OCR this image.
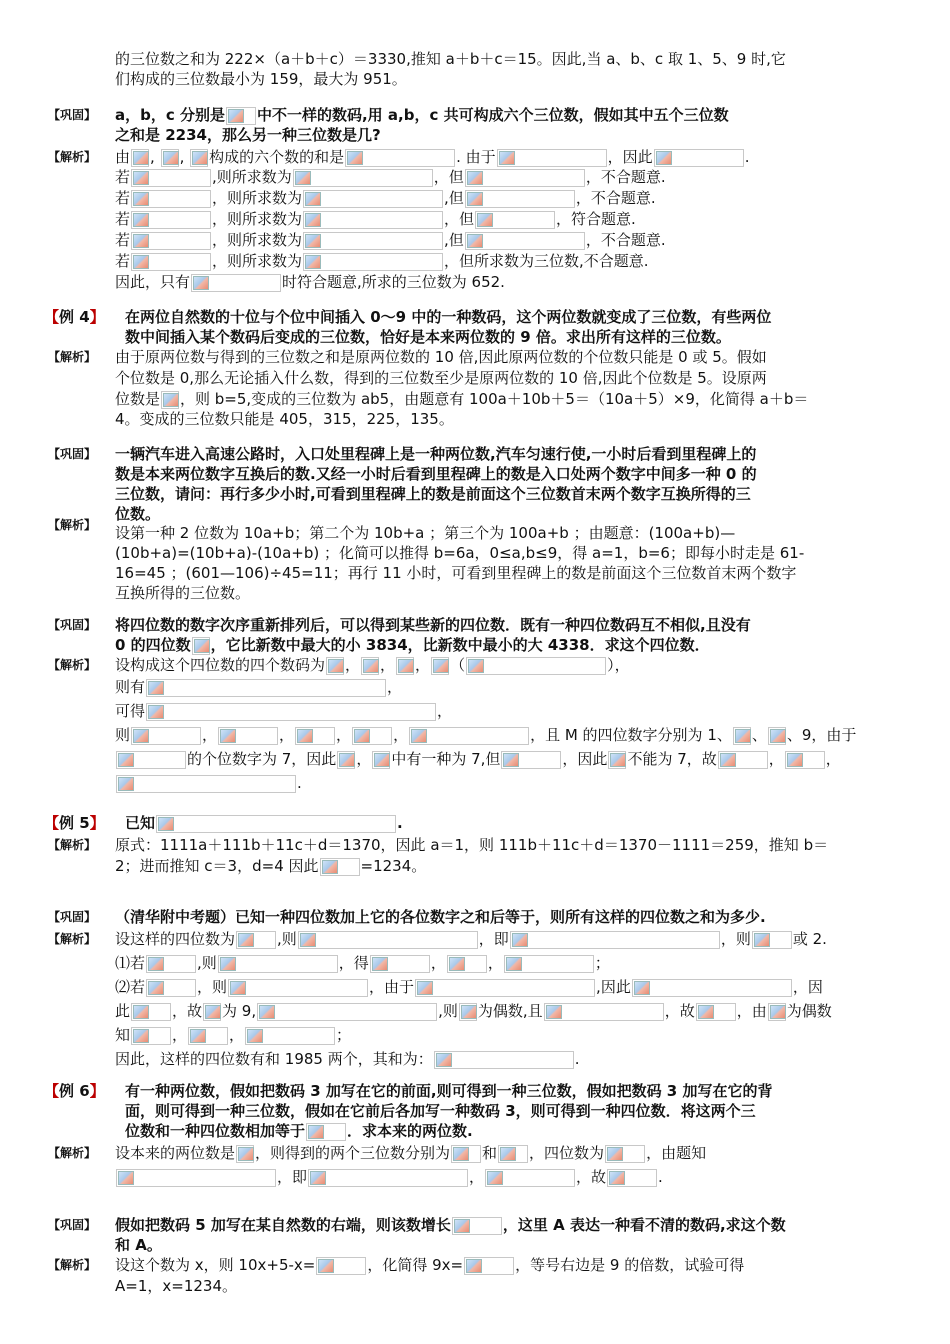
的三位数之和为 222×（a＋b＋c）＝3330,推知 a＋b＋c＝15。因此,当 a、b、c 取 1、5、9 时,它
们构成的三位数最小为 159，最大为 951。
【巩固】 a，b，c 分别是 中不一样的数码,用 a,b，c 共可构成六个三位数，假如其中五个三位数
之和是 2234，那么另一种三位数是几?
【解析】 由 , , 构成的六个数的和是	. 由于	，因此	.
若	,则所求数为	，但	，不合题意.
若	，则所求数为	,但	，不合题意.
若	，则所求数为	，但	，符合题意.
若	，则所求数为	,但	，不合题意.
若	，则所求数为	，但所求数为三位数,不合题意.
因此，只有	时符合题意,所求的三位数为 652.
【例 4】 在两位自然数的十位与个位中间插入 0～9 中的一种数码，这个两位数就变成了三位数，有些两位
数中间插入某个数码后变成的三位数，恰好是本来两位数的 9 倍。求出所有这样的三位数。
【解析】 由于原两位数与得到的三位数之和是原两位数的 10 倍,因此原两位数的个位数只能是 0 或 5。假如
个位数是 0,那么无论插入什么数，得到的三位数至少是原两位数的 10 倍,因此个位数是 5。设原两
位数是 ，则 b=5,变成的三位数为 ab5，由题意有 100a＋10b＋5＝（10a＋5）×9，化简得 a＋b＝
4。变成的三位数只能是 405，315，225，135。
【巩固】 一辆汽车进入高速公路时，入口处里程碑上是一种两位数,汽车匀速行使,一小时后看到里程碑上的
数是本来两位数字互换后的数.又经一小时后看到里程碑上的数是入口处两个数字中间多一种 0 的
三位数，请问：再行多少小时,可看到里程碑上的数是前面这个三位数首末两个数字互换所得的三
位数。
【解析】 设第一种 2 位数为 10a+b；第二个为 10b+a ；第三个为 100a+b ；由题意：(100a+b)—
(10b+a)=(10b+a)-(10a+b) ；化简可以推得 b=6a，0≤a,b≤9，得 a=1，b=6；即每小时走是 61-
16=45 ；(601—106)÷45=11；再行 11 小时，可看到里程碑上的数是前面这个三位数首末两个数字
互换所得的三位数。
【巩固】 将四位数的数字次序重新排列后，可以得到某些新的四位数．既有一种四位数码互不相似,且没有
0 的四位数 ，它比新数中最大的小 3834，比新数中最小的大 4338．求这个四位数．
【解析】 设构成这个四位数的四个数码为 ， ， ， （	），
则有	，
可得	，
则	，	，	，	，	，且 M 的四位数字分别为 1、 、 、9，由于
的个位数字为 7，因此 ， 中有一种为 7,但	，因此 不能为 7，故	，	，
.
【例 5】 已知	.
【解析】 原式：1111a＋111b＋11c＋d＝1370，因此 a＝1，则 111b＋11c＋d＝1370－1111＝259，推知 b＝
2；进而推知 c＝3，d=4 因此	=1234。
【巩固】 （清华附中考题）已知一种四位数加上它的各位数字之和后等于，则所有这样的四位数之和为多少.
【解析】 设这样的四位数为	,则	，即	，则	或 2.
⑴若	,则	，得	，	，	；
⑵若	，则	，由于	,因此	，因
此	，故 为 9,	,则 为偶数,且	，故	，由 为偶数
知	，	，	；
因此，这样的四位数有和 1985 两个，其和为：	.
【例 6】 有一种两位数，假如把数码 3 加写在它的前面,则可得到一种三位数，假如把数码 3 加写在它的背
面，则可得到一种三位数，假如在它前后各加写一种数码 3，则可得到一种四位数．将这两个三
位数和一种四位数相加等于	．求本来的两位数.
【解析】 设本来的两位数是 ，则得到的两个三位数分别为 和 ，四位数为	，由题知
，即	，	，故	.
【巩固】 假如把数码 5 加写在某自然数的右端，则该数增长	，这里 A 表达一种看不清的数码,求这个数
和 A。
【解析】 设这个数为 x，则 10x+5-x=	，化简得 9x=	，等号右边是 9 的倍数，试验可得
A=1，x=1234。
